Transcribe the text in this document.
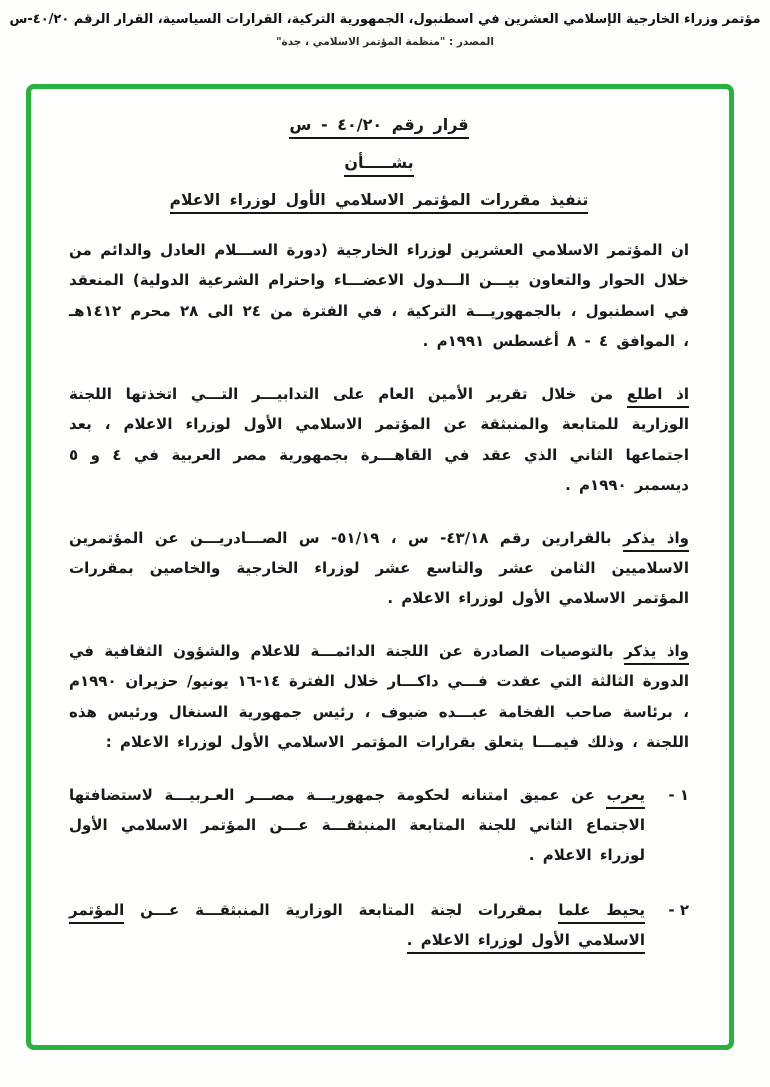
مؤتمر وزراء الخارجية الإسلامي العشرين في اسطنبول، الجمهورية التركية، القرارات السياسية، القرار الرقم ٤٠/٢٠-س
المصدر : "منظمة المؤتمر الاسلامي ، جدة"
قرار رقم ٤٠/٢٠ - س
بشـــــأن
تنفيذ مقررات المؤتمر الاسلامي الأول لوزراء الاعلام

ان المؤتمر الاسلامي العشرين لوزراء الخارجية (دورة الســـلام العادل والدائم من خلال الحوار والتعاون بيـــن الـــدول الاعضـــاء واحترام الشرعية الدولية) المنعقد في اسطنبول ، بالجمهوريـــة التركية ، في الفترة من ٢٤ الى ٢٨ محرم ١٤١٢هـ ، الموافق ٤ - ٨ أغسطس ١٩٩١م .

اذ اطلع من خلال تقرير الأمين العام على التدابيـــر التـــي اتخذتها اللجنة الوزارية للمتابعة والمنبثقة عن المؤتمر الاسلامي الأول لوزراء الاعلام ، بعد اجتماعها الثاني الذي عقد في القاهـــرة بجمهورية مصر العربية في ٤ و ٥ ديسمبر ١٩٩٠م .

واذ يذكر بالقرارين رقم ٤٣/١٨- س ، ٥١/١٩- س الصـــادريـــن عن المؤتمرين الاسلاميين الثامن عشر والتاسع عشر لوزراء الخارجية والخاصين بمقررات المؤتمر الاسلامي الأول لوزراء الاعلام .

واذ يذكر بالتوصيات الصادرة عن اللجنة الدائمـــة للاعلام والشؤون الثقافية في الدورة الثالثة التي عقدت فـــي داكـــار خلال الفترة ١٤-١٦ يونيو/ حزيران ١٩٩٠م ، برئاسة صاحب الفخامة عبـــده ضيوف ، رئيس جمهورية السنغال ورئيس هذه اللجنة ، وذلك فيمـــا يتعلق بقرارات المؤتمر الاسلامي الأول لوزراء الاعلام :

١ -

يعرب عن عميق امتنانه لحكومة جمهوريـــة مصـــر العـربيـــة لاستضافتها الاجتماع الثاني للجنة المتابعة المنبثقـــة عـــن المؤتمر الاسلامي الأول لوزراء الاعلام .

٢ -

يحيط علما بمقررات لجنة المتابعة الوزارية المنبثقـــة عـــن المؤتمر الاسلامي الأول لوزراء الاعلام .
